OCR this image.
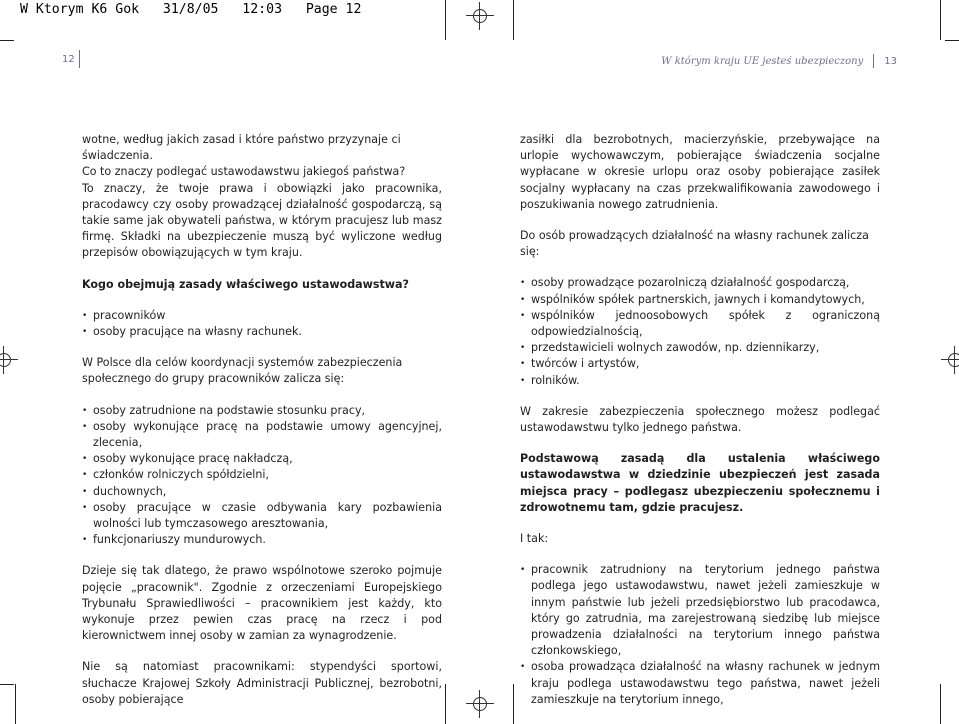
W Ktorym K6 Gok   31/8/05   12:03   Page 12
12	W którym kraju UE jesteś ubezpieczony 13

wotne, według jakich zasad i które państwo przyzynaje ci świadczenia.

Co to znaczy podlegać ustawodawstwu jakiegoś państwa?

To znaczy, że twoje prawa i obowiązki jako pracownika, pracodawcy czy osoby prowadzącej działalność gospodarczą, są takie same jak obywateli państwa, w którym pracujesz lub masz firmę. Składki na ubezpieczenie muszą być wyliczone według przepisów obowiązujących w tym kraju.

Kogo obejmują zasady właściwego ustawodawstwa?

• pracowników
• osoby pracujące na własny rachunek.

W Polsce dla celów koordynacji systemów zabezpieczenia społecznego do grupy pracowników zalicza się:

• osoby zatrudnione na podstawie stosunku pracy,
• osoby wykonujące pracę na podstawie umowy agencyjnej, zlecenia,
• osoby wykonujące pracę nakładczą,
• członków rolniczych spółdzielni,
• duchownych,
• osoby pracujące w czasie odbywania kary pozbawienia wolności lub tymczasowego aresztowania,
• funkcjonariuszy mundurowych.

Dzieje się tak dlatego, że prawo wspólnotowe szeroko pojmuje pojęcie „pracownik". Zgodnie z orzeczeniami Europejskiego Trybunału Sprawiedliwości – pracownikiem jest każdy, kto wykonuje przez pewien czas pracę na rzecz i pod kierownictwem innej osoby w zamian za wynagrodzenie.

Nie są natomiast pracownikami: stypendyści sportowi, słuchacze Krajowej Szkoły Administracji Publicznej, bezrobotni, osoby pobierające

zasiłki dla bezrobotnych, macierzyńskie, przebywające na urlopie wychowawczym, pobierające świadczenia socjalne wypłacane w okresie urlopu oraz osoby pobierające zasiłek socjalny wypłacany na czas przekwalifikowania zawodowego i poszukiwania nowego zatrudnienia.

Do osób prowadzących działalność na własny rachunek zalicza się:

• osoby prowadzące pozarolniczą działalność gospodarczą,
• wspólników spółek partnerskich, jawnych i komandytowych,
• wspólników jednoosobowych spółek z ograniczoną odpowiedzialnością,
• przedstawicieli wolnych zawodów, np. dziennikarzy,
• twórców i artystów,
• rolników.

W zakresie zabezpieczenia społecznego możesz podlegać ustawodawstwu tylko jednego państwa.

Podstawową zasadą dla ustalenia właściwego ustawodawstwa w dziedzinie ubezpieczeń jest zasada miejsca pracy – podlegasz ubezpieczeniu społecznemu i zdrowotnemu tam, gdzie pracujesz.

I tak:

• pracownik zatrudniony na terytorium jednego państwa podlega jego ustawodawstwu, nawet jeżeli zamieszkuje w innym państwie lub jeżeli przedsiębiorstwo lub pracodawca, który go zatrudnia, ma zarejestrowaną siedzibę lub miejsce prowadzenia działalności na terytorium innego państwa członkowskiego,
• osoba prowadząca działalność na własny rachunek w jednym kraju podlega ustawodawstwu tego państwa, nawet jeżeli zamieszkuje na terytorium innego,
